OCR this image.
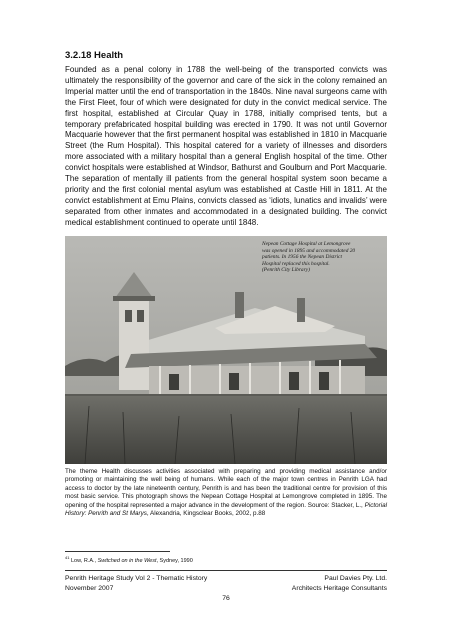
3.2.18 Health

Founded as a penal colony in 1788 the well-being of the transported convicts was ultimately the responsibility of the governor and care of the sick in the colony remained an Imperial matter until the end of transportation in the 1840s. Nine naval surgeons came with the First Fleet, four of which were designated for duty in the convict medical service. The first hospital, established at Circular Quay in 1788, initially comprised tents, but a temporary prefabricated hospital building was erected in 1790. It was not until Governor Macquarie however that the first permanent hospital was established in 1810 in Macquarie Street (the Rum Hospital). This hospital catered for a variety of illnesses and disorders more associated with a military hospital than a general English hospital of the time. Other convict hospitals were established at Windsor, Bathurst and Goulburn and Port Macquarie. The separation of mentally ill patients from the general hospital system soon became a priority and the first colonial mental asylum was established at Castle Hill in 1811. At the convict establishment at Emu Plains, convicts classed as ‘idiots, lunatics and invalids’ were separated from other inmates and accommodated in a designated building. The convict medical establishment continued to operate until 1848.

Nepean Cottage Hospital at Lemongrove
was opened in 1895 and accommodated 20
patients. In 1956 the Nepean District
Hospital replaced this hospital.
(Penrith City Library)

The theme Health discusses activities associated with preparing and providing medical assistance and/or promoting or maintaining the well being of humans. While each of the major town centres in Penrith LGA had access to doctor by the late nineteenth century, Penrith is and has been the traditional centre for provision of this most basic service. This photograph shows the Nepean Cottage Hospital at Lemongrove completed in 1895. The opening of the hospital represented a major advance in the development of the region. Source: Stacker, L., Pictorial History: Penrith and St Marys, Alexandria, Kingsclear Books, 2002, p.88

$^{41}$ Low, R.A., Switched on in the West, Sydney, 1990

Penrith Heritage Study Vol 2 - Thematic History
November 2007
Paul Davies Pty. Ltd.
Architects Heritage Consultants
76
